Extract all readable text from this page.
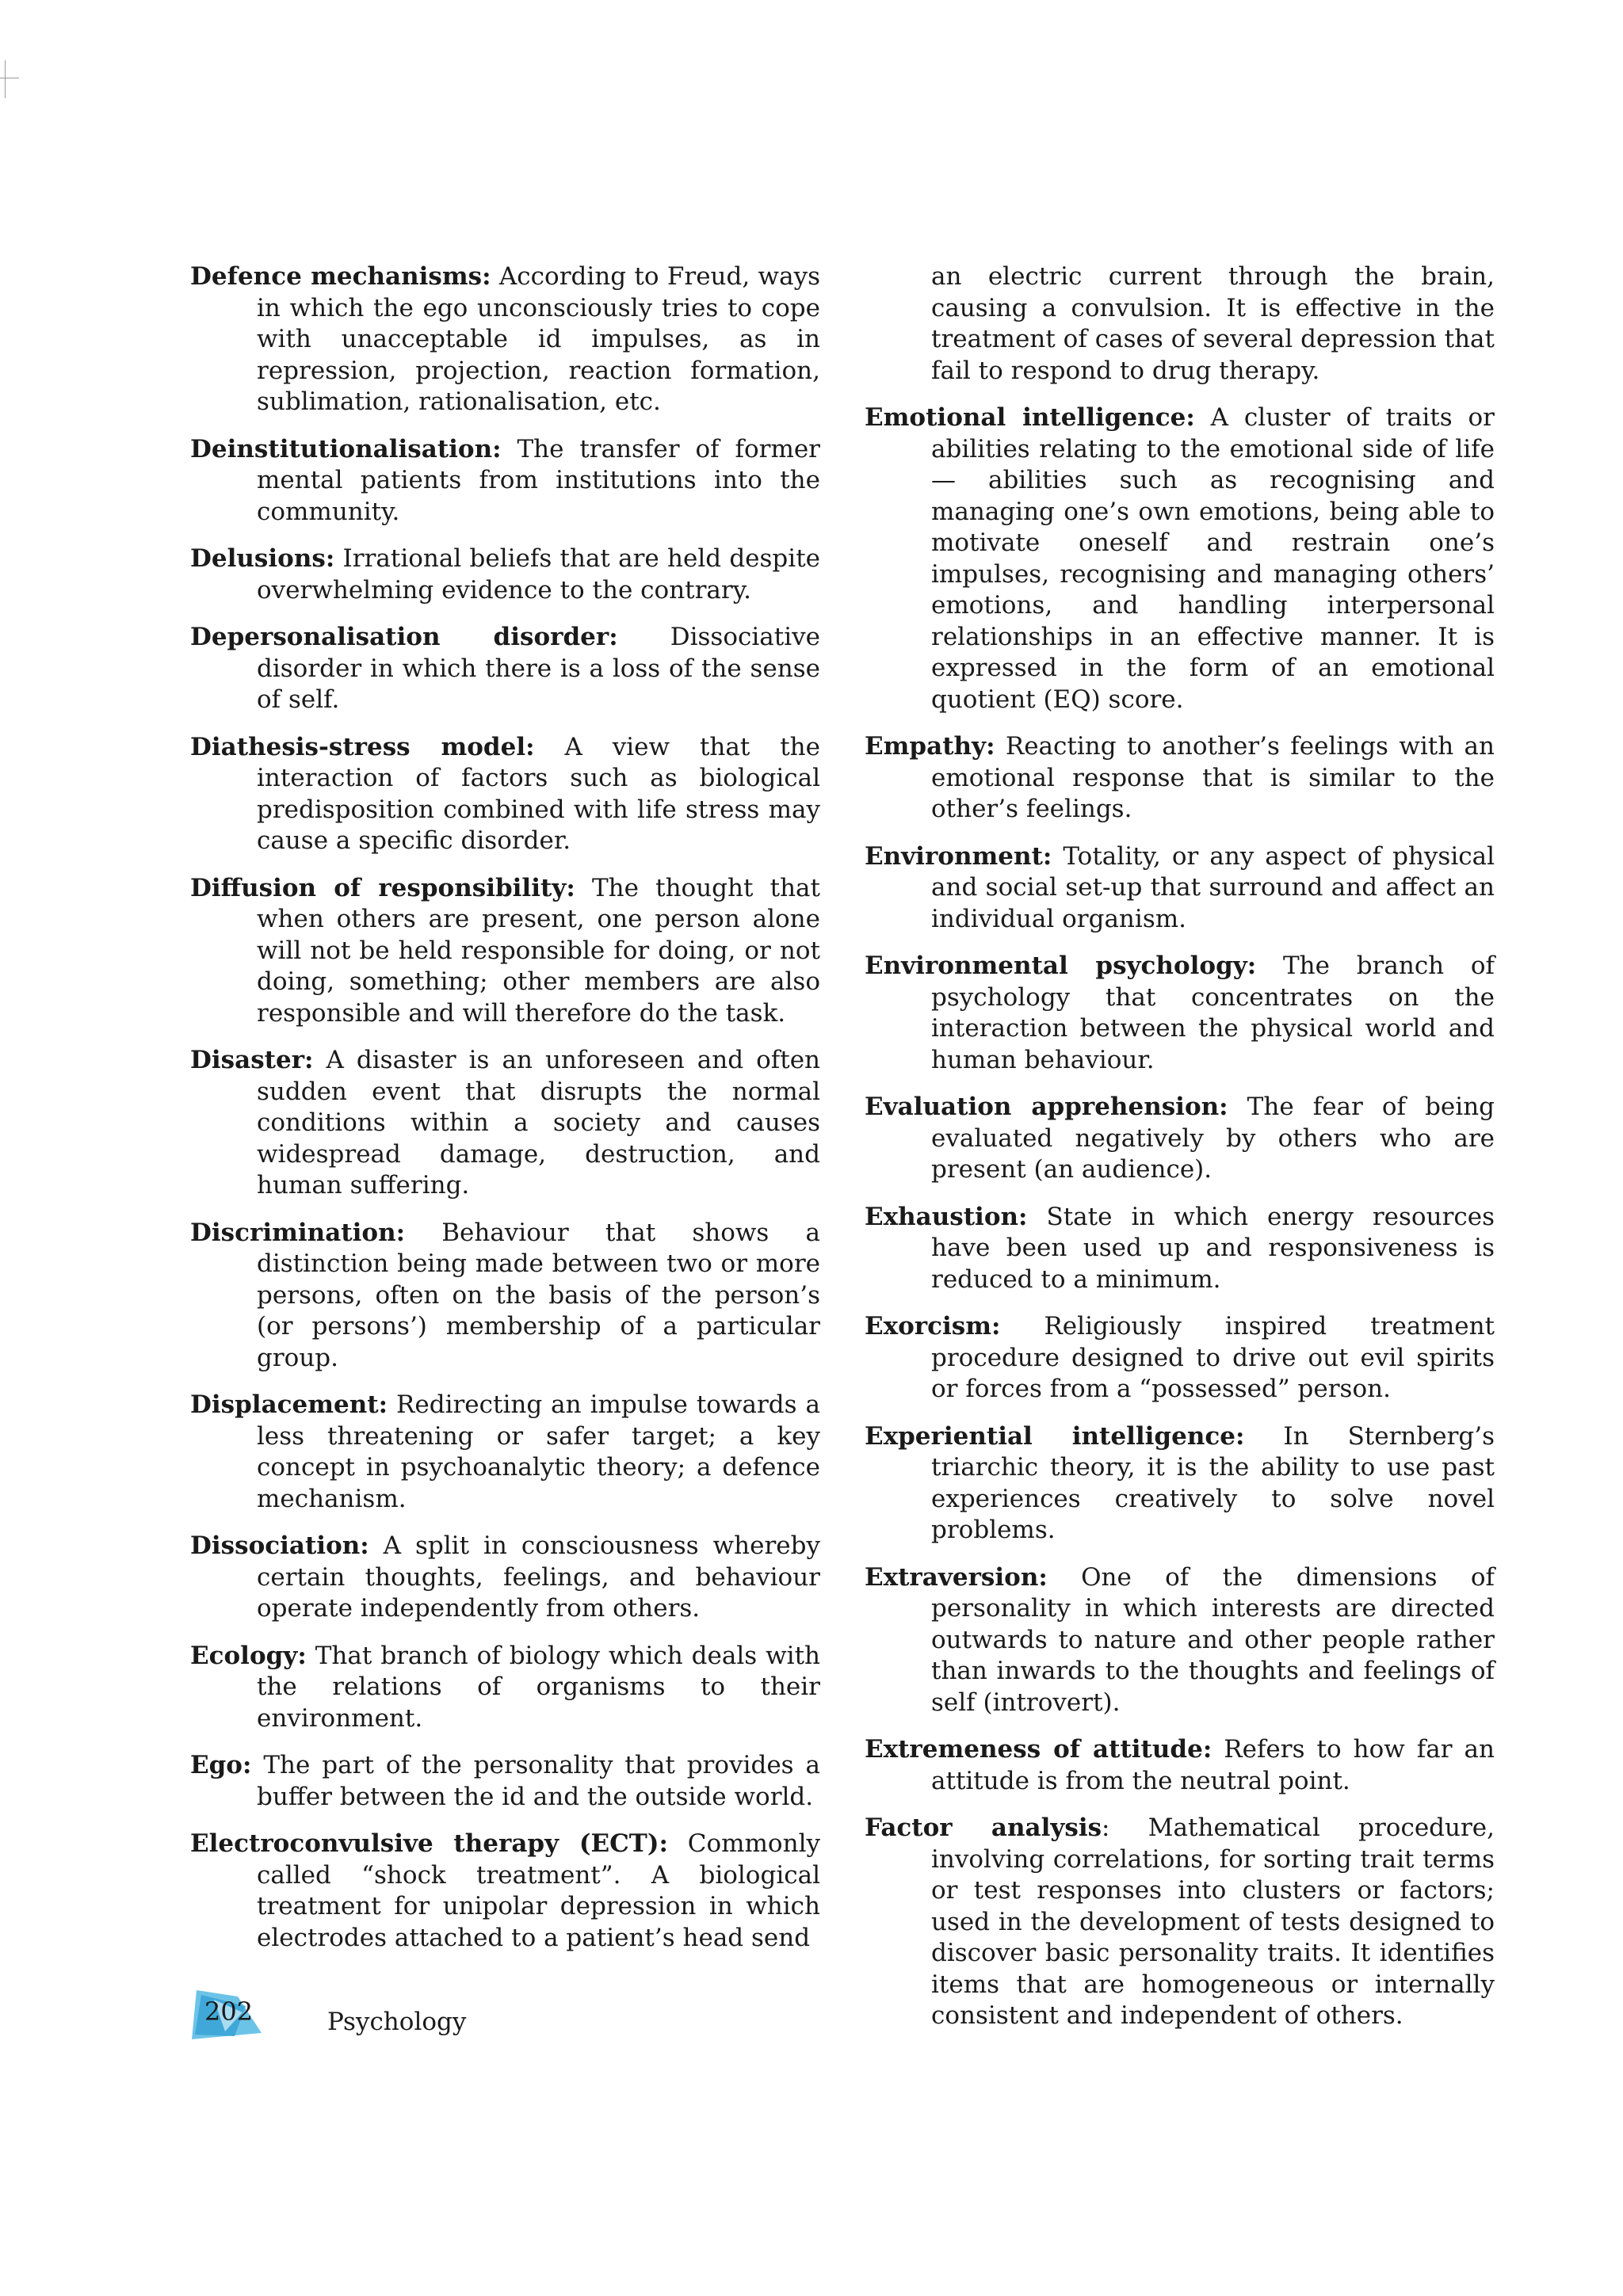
Defence mechanisms: According to Freud, ways in which the ego unconsciously tries to cope with unacceptable id impulses, as in repression, projection, reaction formation, sublimation, rationalisation, etc.

Deinstitutionalisation: The transfer of former mental patients from institutions into the community.

Delusions: Irrational beliefs that are held despite overwhelming evidence to the contrary.

Depersonalisation disorder: Dissociative disorder in which there is a loss of the sense of self.

Diathesis-stress model: A view that the interaction of factors such as biological predisposition combined with life stress may cause a specific disorder.

Diffusion of responsibility: The thought that when others are present, one person alone will not be held responsible for doing, or not doing, something; other members are also responsible and will therefore do the task.

Disaster: A disaster is an unforeseen and often sudden event that disrupts the normal conditions within a society and causes widespread damage, destruction, and human suffering.

Discrimination: Behaviour that shows a distinction being made between two or more persons, often on the basis of the person’s (or persons’) membership of a particular group.

Displacement: Redirecting an impulse towards a less threatening or safer target; a key concept in psychoanalytic theory; a defence mechanism.

Dissociation: A split in consciousness whereby certain thoughts, feelings, and behaviour operate independently from others.

Ecology: That branch of biology which deals with the relations of organisms to their environment.

Ego: The part of the personality that provides a buffer between the id and the outside world.

Electroconvulsive therapy (ECT): Commonly called “shock treatment”. A biological treatment for unipolar depression in which electrodes attached to a patient’s head send

an electric current through the brain, causing a convulsion. It is effective in the treatment of cases of several depression that fail to respond to drug therapy.

Emotional intelligence: A cluster of traits or abilities relating to the emotional side of life — abilities such as recognising and managing one’s own emotions, being able to motivate oneself and restrain one’s impulses, recognising and managing others’ emotions, and handling interpersonal relationships in an effective manner. It is expressed in the form of an emotional quotient (EQ) score.

Empathy: Reacting to another’s feelings with an emotional response that is similar to the other’s feelings.

Environment: Totality, or any aspect of physical and social set-up that surround and affect an individual organism.

Environmental psychology: The branch of psychology that concentrates on the interaction between the physical world and human behaviour.

Evaluation apprehension: The fear of being evaluated negatively by others who are present (an audience).

Exhaustion: State in which energy resources have been used up and responsiveness is reduced to a minimum.

Exorcism: Religiously inspired treatment procedure designed to drive out evil spirits or forces from a “possessed” person.

Experiential intelligence: In Sternberg’s triarchic theory, it is the ability to use past experiences creatively to solve novel problems.

Extraversion: One of the dimensions of personality in which interests are directed outwards to nature and other people rather than inwards to the thoughts and feelings of self (introvert).

Extremeness of attitude: Refers to how far an attitude is from the neutral point.

Factor analysis: Mathematical procedure, involving correlations, for sorting trait terms or test responses into clusters or factors; used in the development of tests designed to discover basic personality traits. It identifies items that are homogeneous or internally consistent and independent of others.

202	Psychology
